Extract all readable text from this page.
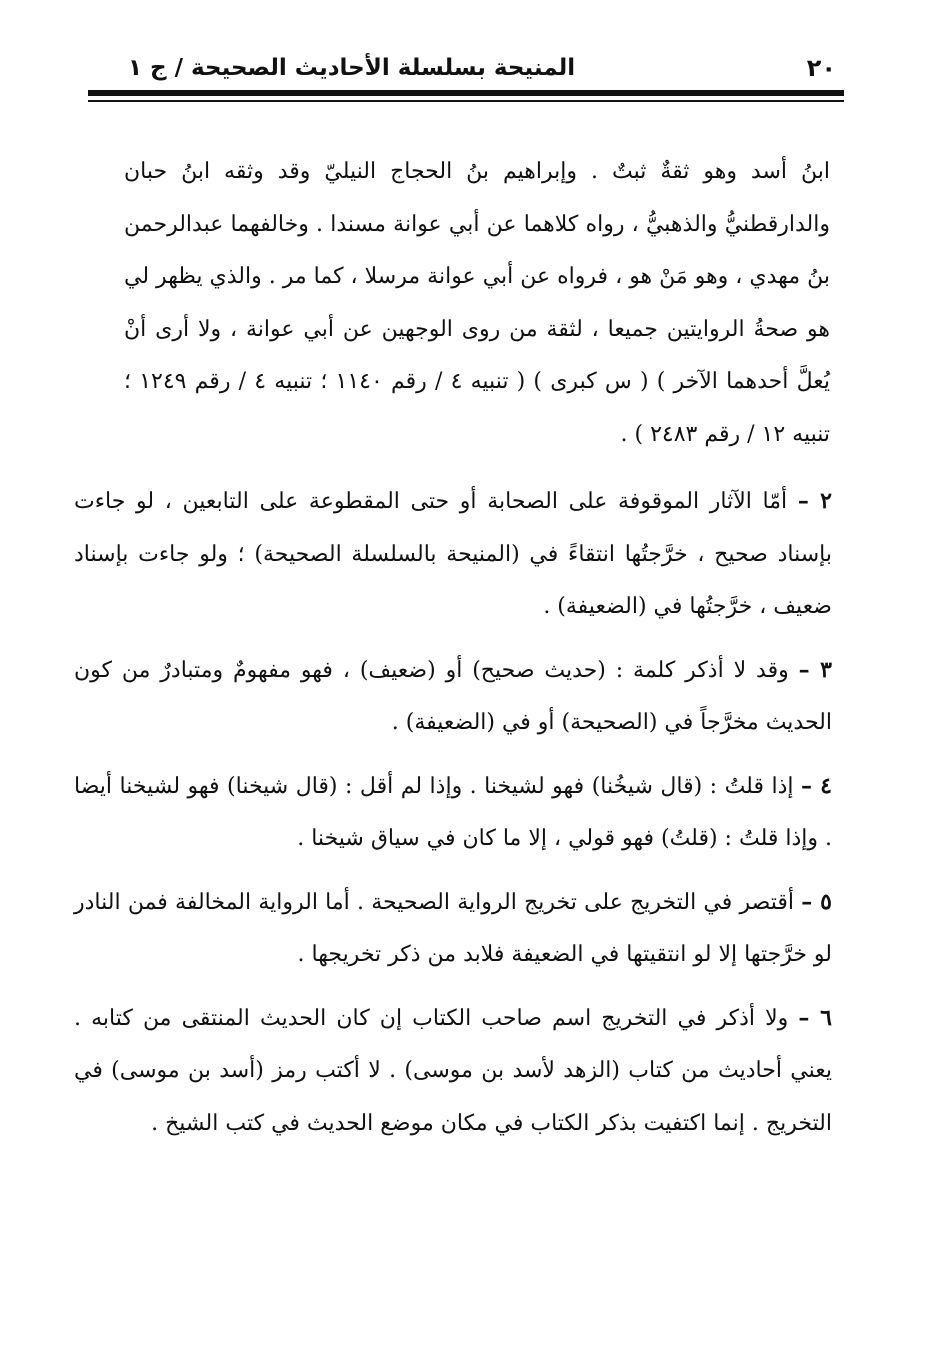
المنيحة بسلسلة الأحاديث الصحيحة / ج ١	٢٠

ابنُ أسد وهو ثقةٌ ثبتٌ . وإبراهيم بنُ الحجاج النيليّ وقد وثقه ابنُ حبان والدارقطنيُّ والذهبيُّ ، رواه كلاهما عن أبي عوانة مسندا . وخالفهما عبدالرحمن بنُ مهدي ، وهو مَنْ هو ، فرواه عن أبي عوانة مرسلا ، كما مر . والذي يظهر لي هو صحةُ الروايتين جميعا ، لثقة من روى الوجهين عن أبي عوانة ، ولا أرى أنْ يُعلَّ أحدهما الآخر ) ( س كبرى ) ( تنبيه ٤ / رقم ١١٤٠ ؛ تنبيه ٤ / رقم ١٢٤٩ ؛ تنبيه ١٢ / رقم ٢٤٨٣ ) .

٢ – أمّا الآثار الموقوفة على الصحابة أو حتى المقطوعة على التابعين ، لو جاءت بإسناد صحيح ، خرَّجتُها انتقاءً في (المنيحة بالسلسلة الصحيحة) ؛ ولو جاءت بإسناد ضعيف ، خرَّجتُها في (الضعيفة) .

٣ – وقد لا أذكر كلمة : (حديث صحيح) أو (ضعيف) ، فهو مفهومٌ ومتبادرٌ من كون الحديث مخرَّجاً في (الصحيحة) أو في (الضعيفة) .

٤ – إذا قلتُ : (قال شيخُنا) فهو لشيخنا . وإذا لم أقل : (قال شيخنا) فهو لشيخنا أيضا . وإذا قلتُ : (قلتُ) فهو قولي ، إلا ما كان في سياق شيخنا .

٥ – أقتصر في التخريج على تخريج الرواية الصحيحة . أما الرواية المخالفة فمن النادر لو خرَّجتها إلا لو انتقيتها في الضعيفة فلابد من ذكر تخريجها .

٦ – ولا أذكر في التخريج اسم صاحب الكتاب إن كان الحديث المنتقى من كتابه . يعني أحاديث من كتاب (الزهد لأسد بن موسى) . لا أكتب رمز (أسد بن موسى) في التخريج . إنما اكتفيت بذكر الكتاب في مكان موضع الحديث في كتب الشيخ .
